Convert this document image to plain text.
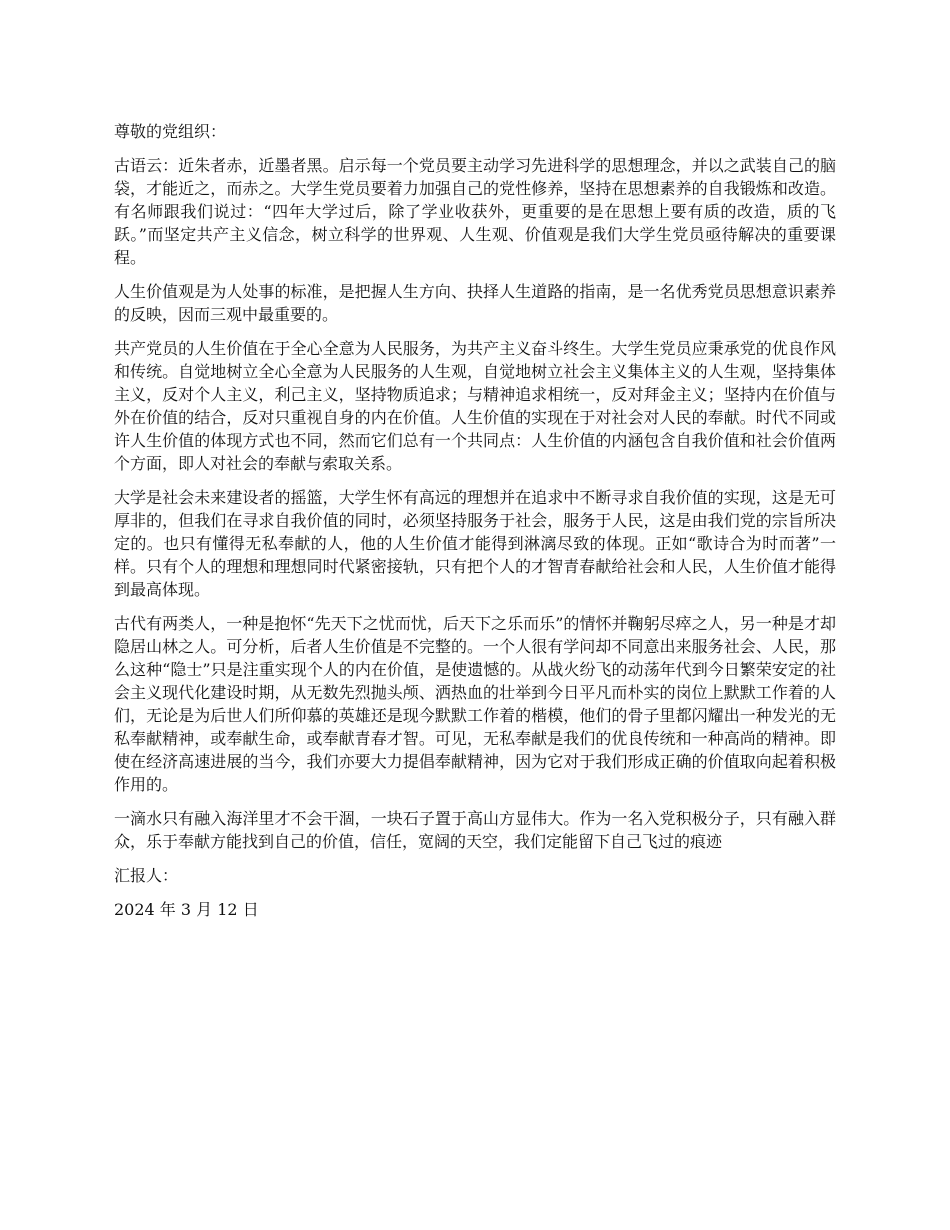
尊敬的党组织：

古语云：近朱者赤，近墨者黑。启示每一个党员要主动学习先进科学的思想理念，并以之武装自己的脑袋，才能近之，而赤之。大学生党员要着力加强自己的党性修养，坚持在思想素养的自我锻炼和改造。有名师跟我们说过：“四年大学过后，除了学业收获外，更重要的是在思想上要有质的改造，质的飞跃。”而坚定共产主义信念，树立科学的世界观、人生观、价值观是我们大学生党员亟待解决的重要课程。

人生价值观是为人处事的标准，是把握人生方向、抉择人生道路的指南，是一名优秀党员思想意识素养的反映，因而三观中最重要的。

共产党员的人生价值在于全心全意为人民服务，为共产主义奋斗终生。大学生党员应秉承党的优良作风和传统。自觉地树立全心全意为人民服务的人生观，自觉地树立社会主义集体主义的人生观，坚持集体主义，反对个人主义，利己主义，坚持物质追求；与精神追求相统一，反对拜金主义；坚持内在价值与外在价值的结合，反对只重视自身的内在价值。人生价值的实现在于对社会对人民的奉献。时代不同或许人生价值的体现方式也不同，然而它们总有一个共同点：人生价值的内涵包含自我价值和社会价值两个方面，即人对社会的奉献与索取关系。

大学是社会未来建设者的摇篮，大学生怀有高远的理想并在追求中不断寻求自我价值的实现，这是无可厚非的，但我们在寻求自我价值的同时，必须坚持服务于社会，服务于人民，这是由我们党的宗旨所决定的。也只有懂得无私奉献的人，他的人生价值才能得到淋漓尽致的体现。正如“歌诗合为时而著”一样。只有个人的理想和理想同时代紧密接轨，只有把个人的才智青春献给社会和人民，人生价值才能得到最高体现。

古代有两类人，一种是抱怀“先天下之忧而忧，后天下之乐而乐”的情怀并鞠躬尽瘁之人，另一种是才却隐居山林之人。可分析，后者人生价值是不完整的。一个人很有学问却不同意出来服务社会、人民，那么这种“隐士”只是注重实现个人的内在价值，是使遗憾的。从战火纷飞的动荡年代到今日繁荣安定的社会主义现代化建设时期，从无数先烈抛头颅、洒热血的壮举到今日平凡而朴实的岗位上默默工作着的人们，无论是为后世人们所仰慕的英雄还是现今默默工作着的楷模，他们的骨子里都闪耀出一种发光的无私奉献精神，或奉献生命，或奉献青春才智。可见，无私奉献是我们的优良传统和一种高尚的精神。即使在经济高速进展的当今，我们亦要大力提倡奉献精神，因为它对于我们形成正确的价值取向起着积极作用的。

一滴水只有融入海洋里才不会干涸，一块石子置于高山方显伟大。作为一名入党积极分子，只有融入群众，乐于奉献方能找到自己的价值，信任，宽阔的天空，我们定能留下自己飞过的痕迹

汇报人：

2024 年 3 月 12 日
